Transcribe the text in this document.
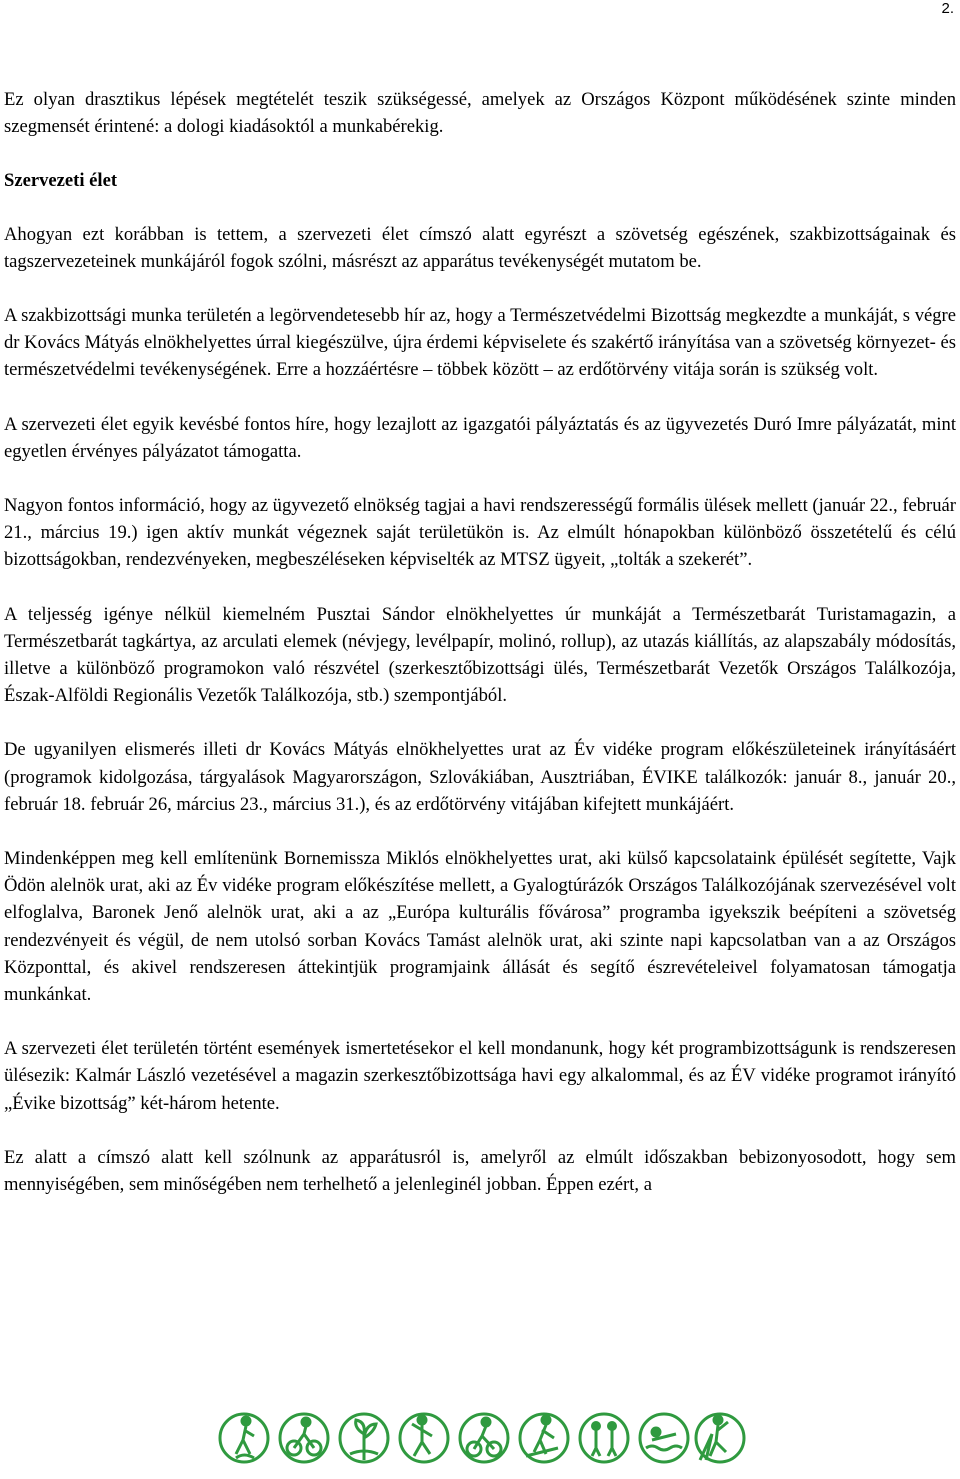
2.

Ez olyan drasztikus lépések megtételét teszik szükségessé, amelyek az Országos Központ működésének szinte minden szegmensét érintené: a dologi kiadásoktól a munkabérekig.

Szervezeti élet

Ahogyan ezt korábban is tettem, a szervezeti élet címszó alatt egyrészt a szövetség egészének, szakbizottságainak és tagszervezeteinek munkájáról fogok szólni, másrészt az apparátus tevékenységét mutatom be.

A szakbizottsági munka területén a legörvendetesebb hír az, hogy a Természetvédelmi Bizottság megkezdte a munkáját, s végre dr Kovács Mátyás elnökhelyettes úrral kiegészülve, újra érdemi képviselete és szakértő irányítása van a szövetség környezet- és természetvédelmi tevékenységének. Erre a hozzáértésre – többek között – az erdőtörvény vitája során is szükség volt.

A szervezeti élet egyik kevésbé fontos híre, hogy lezajlott az igazgatói pályáztatás és az ügyvezetés Duró Imre pályázatát, mint egyetlen érvényes pályázatot támogatta.

Nagyon fontos információ, hogy az ügyvezető elnökség tagjai a havi rendszerességű formális ülések mellett (január 22., február 21., március 19.) igen aktív munkát végeznek saját területükön is. Az elmúlt hónapokban különböző összetételű és célú bizottságokban, rendezvényeken, megbeszéléseken képviselték az MTSZ ügyeit, „tolták a szekerét”.

A teljesség igénye nélkül kiemelném Pusztai Sándor elnökhelyettes úr munkáját a Természetbarát Turistamagazin, a Természetbarát tagkártya, az arculati elemek (névjegy, levélpapír, molinó, rollup), az utazás kiállítás, az alapszabály módosítás, illetve a különböző programokon való részvétel (szerkesztőbizottsági ülés, Természetbarát Vezetők Országos Találkozója, Észak-Alföldi Regionális Vezetők Találkozója, stb.) szempontjából.

De ugyanilyen elismerés illeti dr Kovács Mátyás elnökhelyettes urat az Év vidéke program előkészületeinek irányításáért (programok kidolgozása, tárgyalások Magyarországon, Szlovákiában, Ausztriában, ÉVIKE találkozók: január 8., január 20., február 18. február 26, március 23., március 31.), és az erdőtörvény vitájában kifejtett munkájáért.

Mindenképpen meg kell említenünk Bornemissza Miklós elnökhelyettes urat, aki külső kapcsolataink épülését segítette, Vajk Ödön alelnök urat, aki az Év vidéke program előkészítése mellett, a Gyalogtúrázók Országos Találkozójának szervezésével volt elfoglalva, Baronek Jenő alelnök urat, aki a az „Európa kulturális fővárosa” programba igyekszik beépíteni a szövetség rendezvényeit és végül, de nem utolsó sorban Kovács Tamást alelnök urat, aki szinte napi kapcsolatban van a az Országos Központtal, és akivel rendszeresen áttekintjük programjaink állását és segítő észrevételeivel folyamatosan támogatja munkánkat.

A szervezeti élet területén történt események ismertetésekor el kell mondanunk, hogy két programbizottságunk is rendszeresen ülésezik: Kalmár László vezetésével a magazin szerkesztőbizottsága havi egy alkalommal, és az ÉV vidéke programot irányító „Évike bizottság” két-három hetente.

Ez alatt a címszó alatt kell szólnunk az apparátusról is, amelyről az elmúlt időszakban bebizonyosodott, hogy sem mennyiségében, sem minőségében nem terhelhető a jelenleginél jobban. Éppen ezért, a
